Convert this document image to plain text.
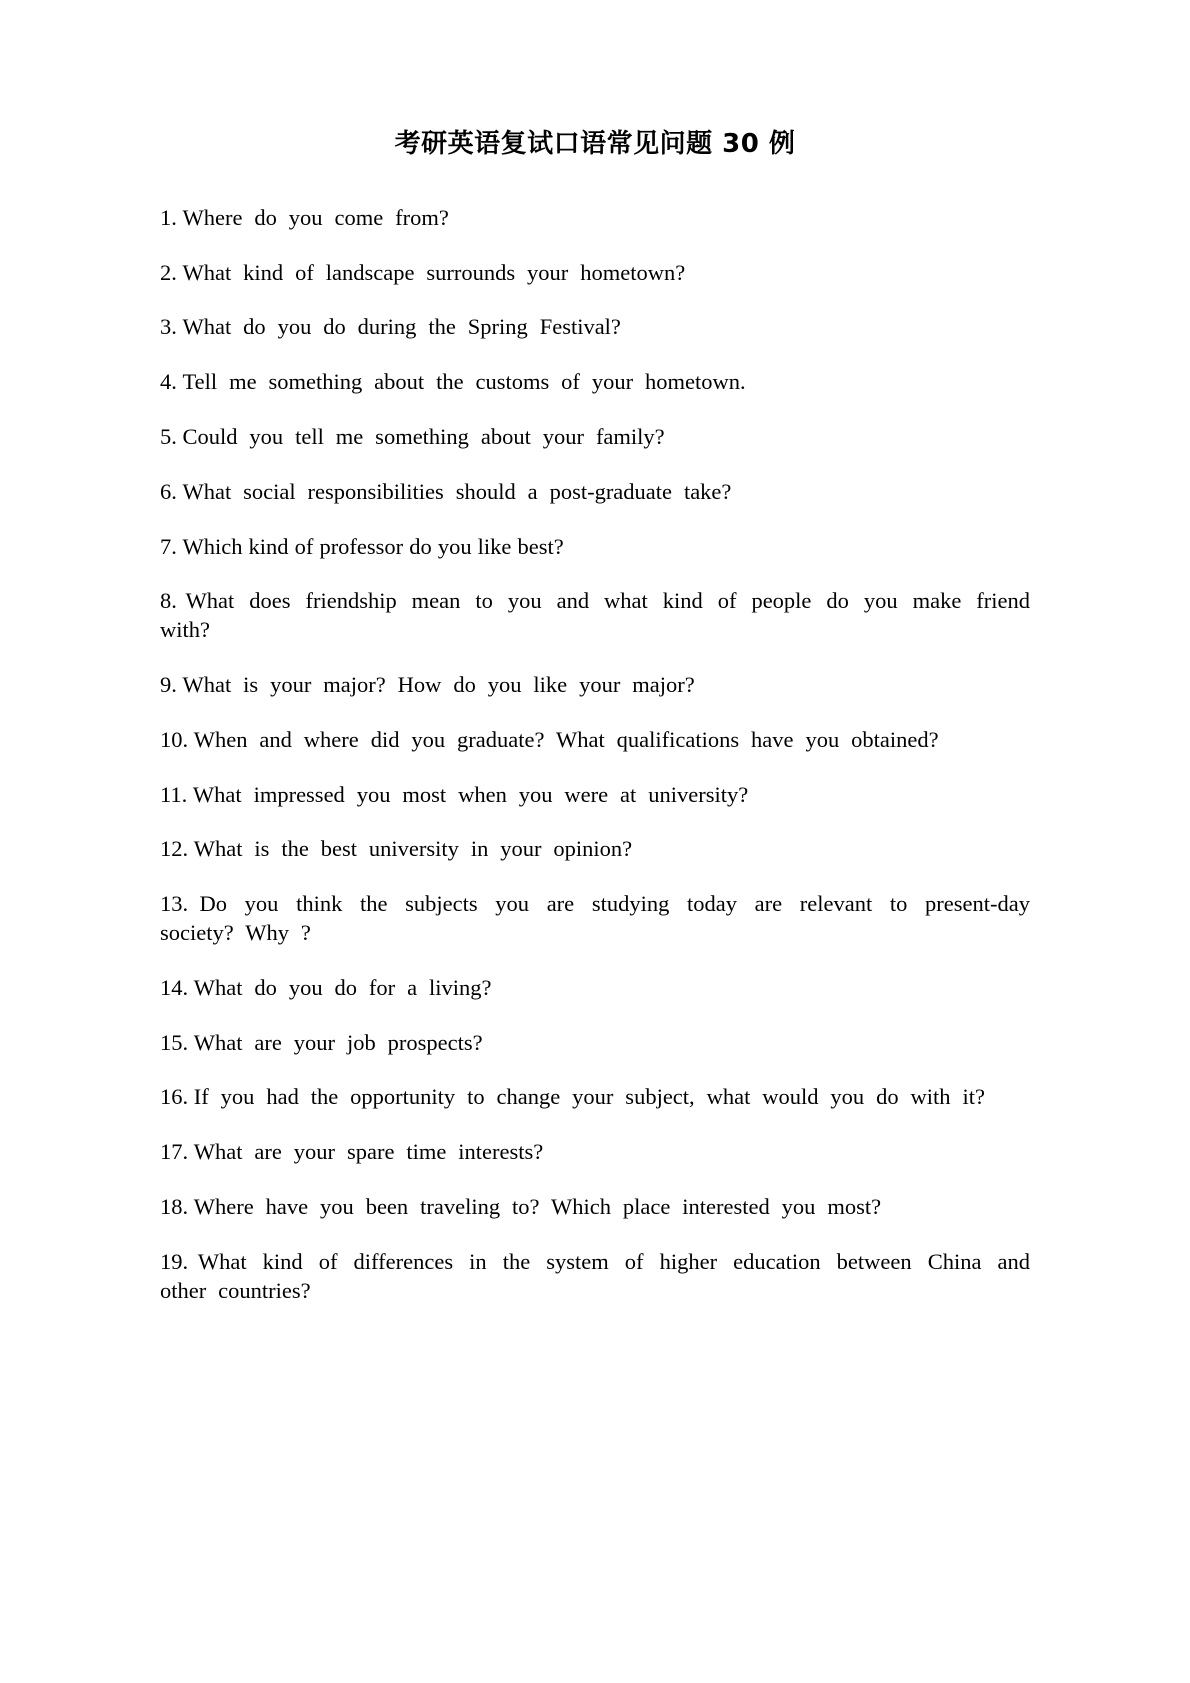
考研英语复试口语常见问题 30 例
1. Where do you come from?
2. What kind of landscape surrounds your hometown?
3. What do you do during the Spring Festival?
4. Tell me something about the customs of your hometown.
5. Could you tell me something about your family?
6. What social responsibilities should a post-graduate take?
7. Which kind of professor do you like best?
8. What does friendship mean to you and what kind of people do you make friend with?
9. What is your major? How do you like your major?
10. When and where did you graduate? What qualifications have you obtained?
11. What impressed you most when you were at university?
12. What is the best university in your opinion?
13. Do you think the subjects you are studying today are relevant to present-day society? Why ?
14. What do you do for a living?
15. What are your job prospects?
16. If you had the opportunity to change your subject, what would you do with it?
17. What are your spare time interests?
18. Where have you been traveling to? Which place interested you most?
19. What kind of differences in the system of higher education between China and other countries?
